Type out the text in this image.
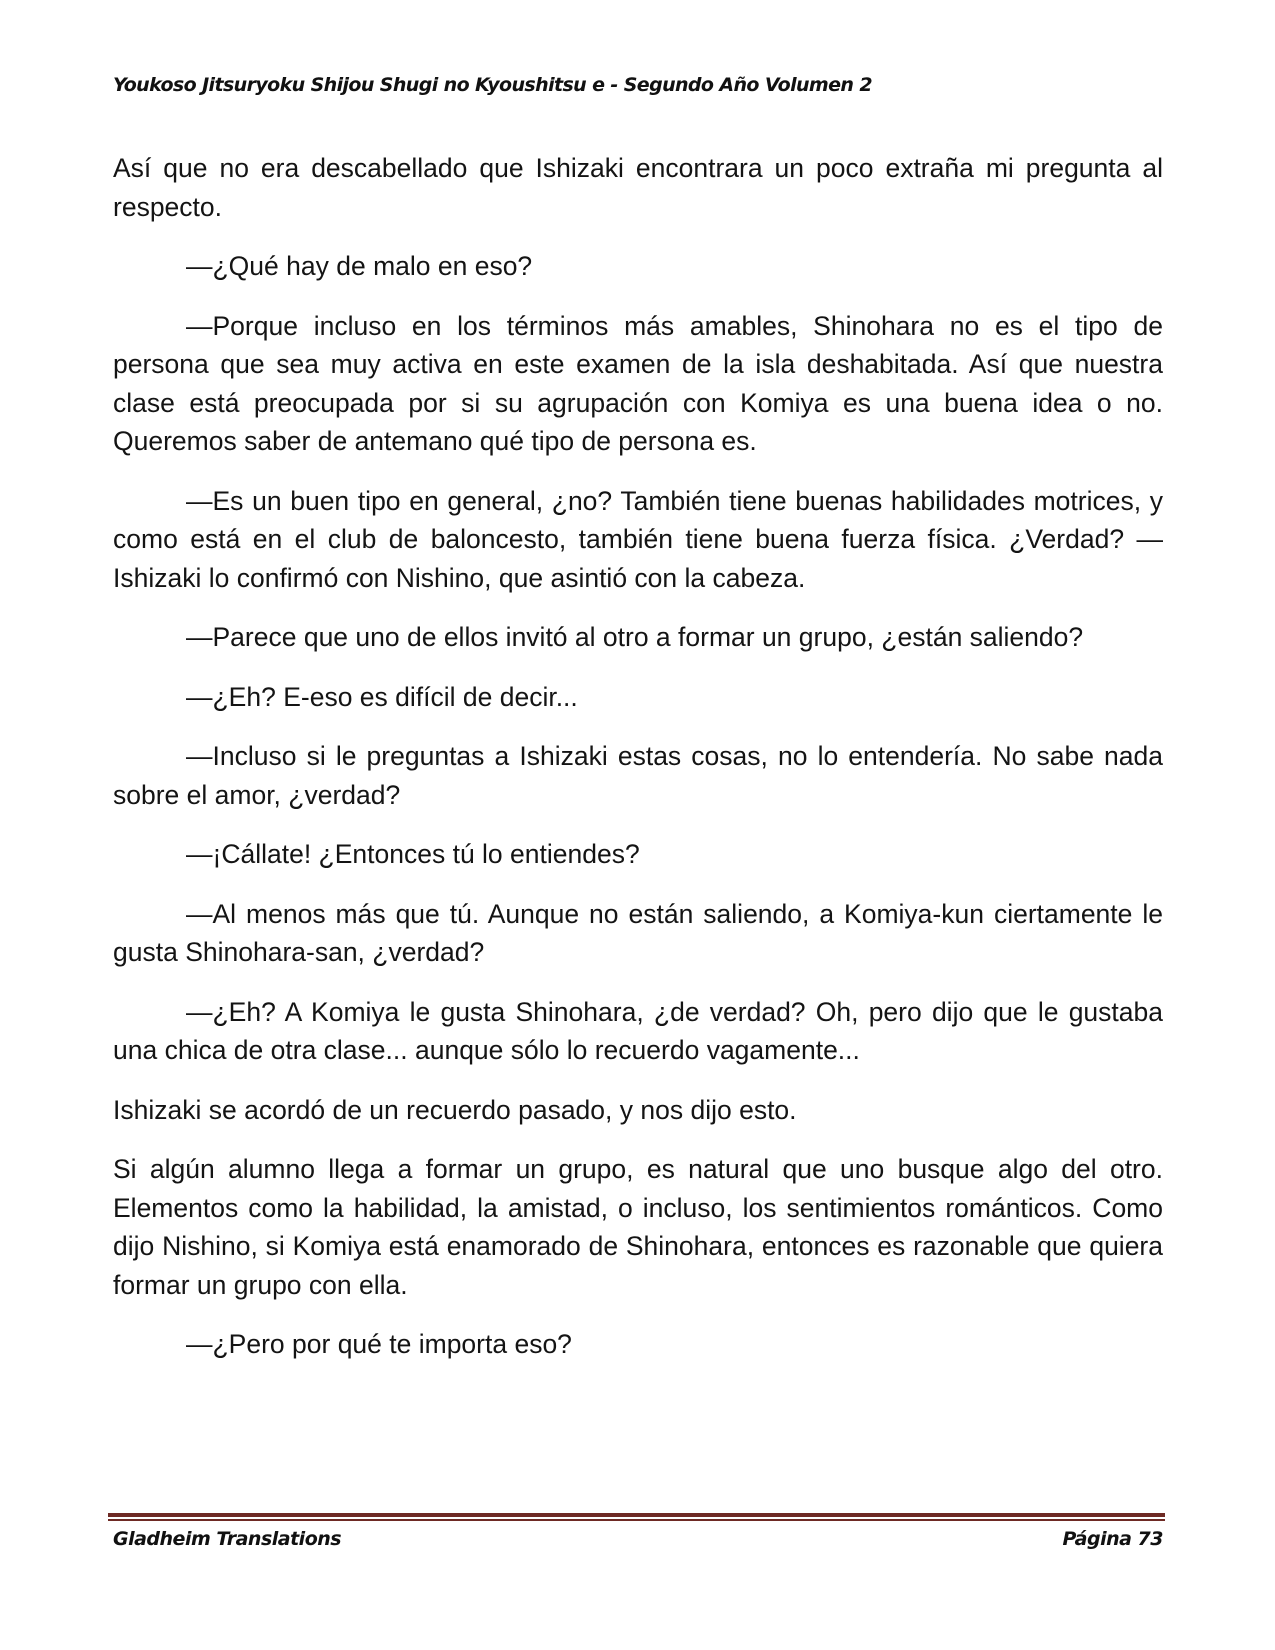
Youkoso Jitsuryoku Shijou Shugi no Kyoushitsu e - Segundo Año Volumen 2

Así que no era descabellado que Ishizaki encontrara un poco extraña mi pregunta al respecto.

—¿Qué hay de malo en eso?

—Porque incluso en los términos más amables, Shinohara no es el tipo de persona que sea muy activa en este examen de la isla deshabitada. Así que nuestra clase está preocupada por si su agrupación con Komiya es una buena idea o no. Queremos saber de antemano qué tipo de persona es.

—Es un buen tipo en general, ¿no? También tiene buenas habilidades motrices, y como está en el club de baloncesto, también tiene buena fuerza física. ¿Verdad? —Ishizaki lo confirmó con Nishino, que asintió con la cabeza.

—Parece que uno de ellos invitó al otro a formar un grupo, ¿están saliendo?

—¿Eh? E-eso es difícil de decir...

—Incluso si le preguntas a Ishizaki estas cosas, no lo entendería. No sabe nada sobre el amor, ¿verdad?

—¡Cállate! ¿Entonces tú lo entiendes?

—Al menos más que tú. Aunque no están saliendo, a Komiya-kun ciertamente le gusta Shinohara-san, ¿verdad?

—¿Eh? A Komiya le gusta Shinohara, ¿de verdad? Oh, pero dijo que le gustaba una chica de otra clase... aunque sólo lo recuerdo vagamente...

Ishizaki se acordó de un recuerdo pasado, y nos dijo esto.

Si algún alumno llega a formar un grupo, es natural que uno busque algo del otro. Elementos como la habilidad, la amistad, o incluso, los sentimientos románticos. Como dijo Nishino, si Komiya está enamorado de Shinohara, entonces es razonable que quiera formar un grupo con ella.

—¿Pero por qué te importa eso?

Gladheim Translations	Página 73
